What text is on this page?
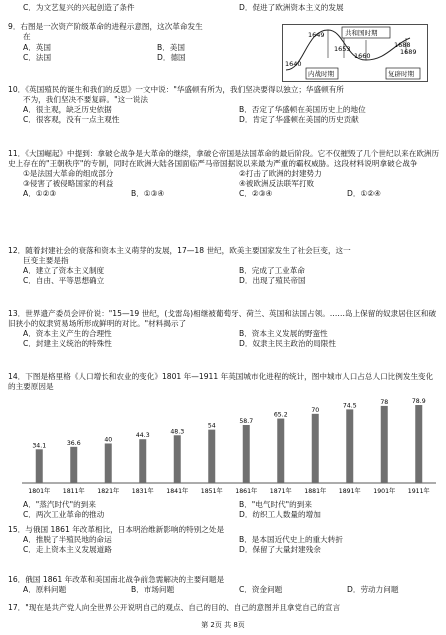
C．为文艺复兴的兴起创造了条件	D．促进了欧洲资本主义的发展
9．右图是一次资产阶级革命的进程示意图，这次革命发生
在
A．英国	B．美国
C．法国	D．德国
1649
1653
1660
1688
1689
1640
共和国时期
内战时期	复辟时期
10．《英国殖民的诞生和我们的反思》一文中说："华盛顿有所为，我们坚决要得以独立；华盛顿有所
不为，我们坚决不要复辟。"这一说法
A．很主观，缺乏历史依据	B．否定了华盛顿在美国历史上的地位
C．很客观，没有一点主观性	D．肯定了华盛顿在美国的历史贡献
11．《大国崛起》中提到：拿破仑战争是大革命的继续，拿破仑帝国是法国革命的最后阶段。它不仅摧毁了几个世纪以来在欧洲历史上存在的"王朝秩序"的专制，同时在欧洲大陆各国面临严马帝国据说以来最为严重的霸权威胁。这段材料说明拿破仑战争
①是法国大革命的组成部分	②打击了欧洲的封建势力
③侵害了被侵略国家的利益	④被欧洲反法联军打败
A．①②③	B．①③④	C．②③④	D．①②④
12．随着封建社会的衰落和资本主义萌芽的发展，17—18 世纪，欧美主要国家发生了社会巨变，这一
巨变主要是指
A．建立了资本主义制度	B．完成了工业革命
C．自由、平等思想确立	D．出现了殖民帝国
13．世界遗产委员会评价说："15—19 世纪，(戈雷岛)相继被葡萄牙、荷兰、英国和法国占领。……岛上保留的奴隶居住区和破旧狭小的奴隶贸易场所形成鲜明的对比。"材料揭示了
A．资本主义产生的合理性	B．资本主义发展的野蛮性
C．封建主义统治的特殊性	D．奴隶主民主政治的局限性
14．下图是格里格《人口增长和农业的变化》1801 年—1911 年英国城市化进程的统计，图中城市人口占总人口比例发生变化的主要原因是
34.1
1801年
36.6
1811年
40
1821年
44.3
1831年
48.3
1841年
54
1851年
58.7
1861年
65.2
1871年
70
1881年
74.5
1891年
78
1901年
78.9
1911年
A．"蒸汽时代"的到来	B．"电气时代"的到来
C．两次工业革命的推动	D．纺织工人数量的增加
15．与俄国 1861 年改革相比，日本明治维新影响的特别之处是
A．推脱了半殖民地的命运	B．是本国近代史上的重大转折
C．走上资本主义发展道路	D．保留了大量封建残余
16．俄国 1861 年改革和美国南北战争前急需解决的主要问题是
A．原料问题	B．市场问题	C．资金问题	D．劳动力问题
17．"现在是共产党人向全世界公开说明自己的观点、自己的目的、自己的意图并且拿党自己的宣言
第 2页 共 8页
